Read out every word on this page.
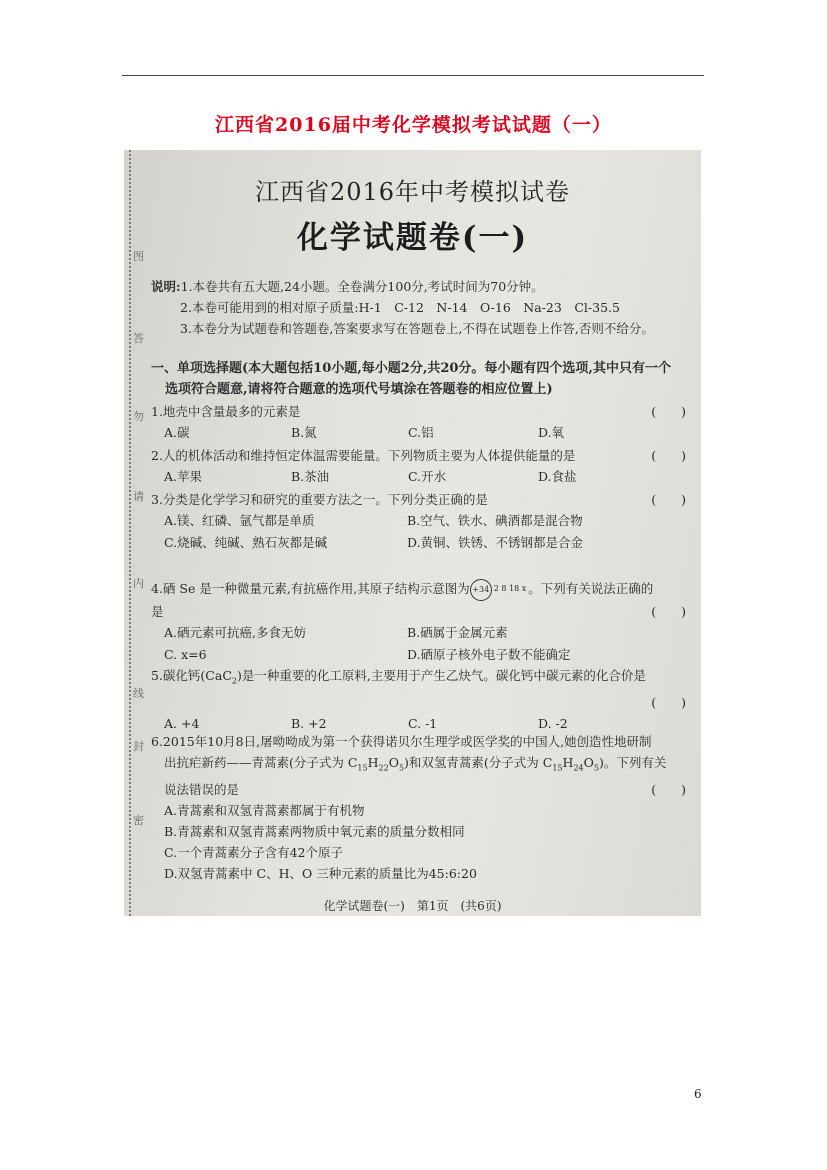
江西省2016届中考化学模拟考试试题（一）
图
答
勿
请
内
线
封
密
江西省2016年中考模拟试卷
化学试题卷(一)
说明:1.本卷共有五大题,24小题。全卷满分100分,考试时间为70分钟。
2.本卷可能用到的相对原子质量:H-1　C-12　N-14　O-16　Na-23　Cl-35.5
3.本卷分为试题卷和答题卷,答案要求写在答题卷上,不得在试题卷上作答,否则不给分。
一、单项选择题(本大题包括10小题,每小题2分,共20分。每小题有四个选项,其中只有一个
选项符合题意,请将符合题意的选项代号填涂在答题卷的相应位置上)
1.地壳中含量最多的元素是	(　　)
A.碳	B.氮	C.铝	D.氧
2.人的机体活动和维持恒定体温需要能量。下列物质主要为人体提供能量的是	(　　)
A.苹果	B.茶油	C.开水	D.食盐
3.分类是化学学习和研究的重要方法之一。下列分类正确的是	(　　)
A.镁、红磷、氩气都是单质	B.空气、铁水、碘酒都是混合物
C.烧碱、纯碱、熟石灰都是碱	D.黄铜、铁锈、不锈钢都是合金
4.硒 Se 是一种微量元素,有抗癌作用,其原子结构示意图为 +34 2 8 18 x 。下列有关说法正确的
是	(　　)
A.硒元素可抗癌,多食无妨	B.硒属于金属元素
C. x=6	D.硒原子核外电子数不能确定
5.碳化钙(CaC$_2$)是一种重要的化工原料,主要用于产生乙炔气。碳化钙中碳元素的化合价是
(　　)
A. +4	B. +2	C. -1	D. -2
6.2015年10月8日,屠呦呦成为第一个获得诺贝尔生理学或医学奖的中国人,她创造性地研制
出抗疟新药——青蒿素(分子式为 $C_{15}H_{22}O_5$)和双氢青蒿素(分子式为 $C_{15}H_{24}O_5$)。下列有关
说法错误的是	(　　)
A.青蒿素和双氢青蒿素都属于有机物
B.青蒿素和双氢青蒿素两物质中氧元素的质量分数相同
C.一个青蒿素分子含有42个原子
D.双氢青蒿素中 C、H、O 三种元素的质量比为45:6:20
化学试题卷(一)　第1页　(共6页)
6
